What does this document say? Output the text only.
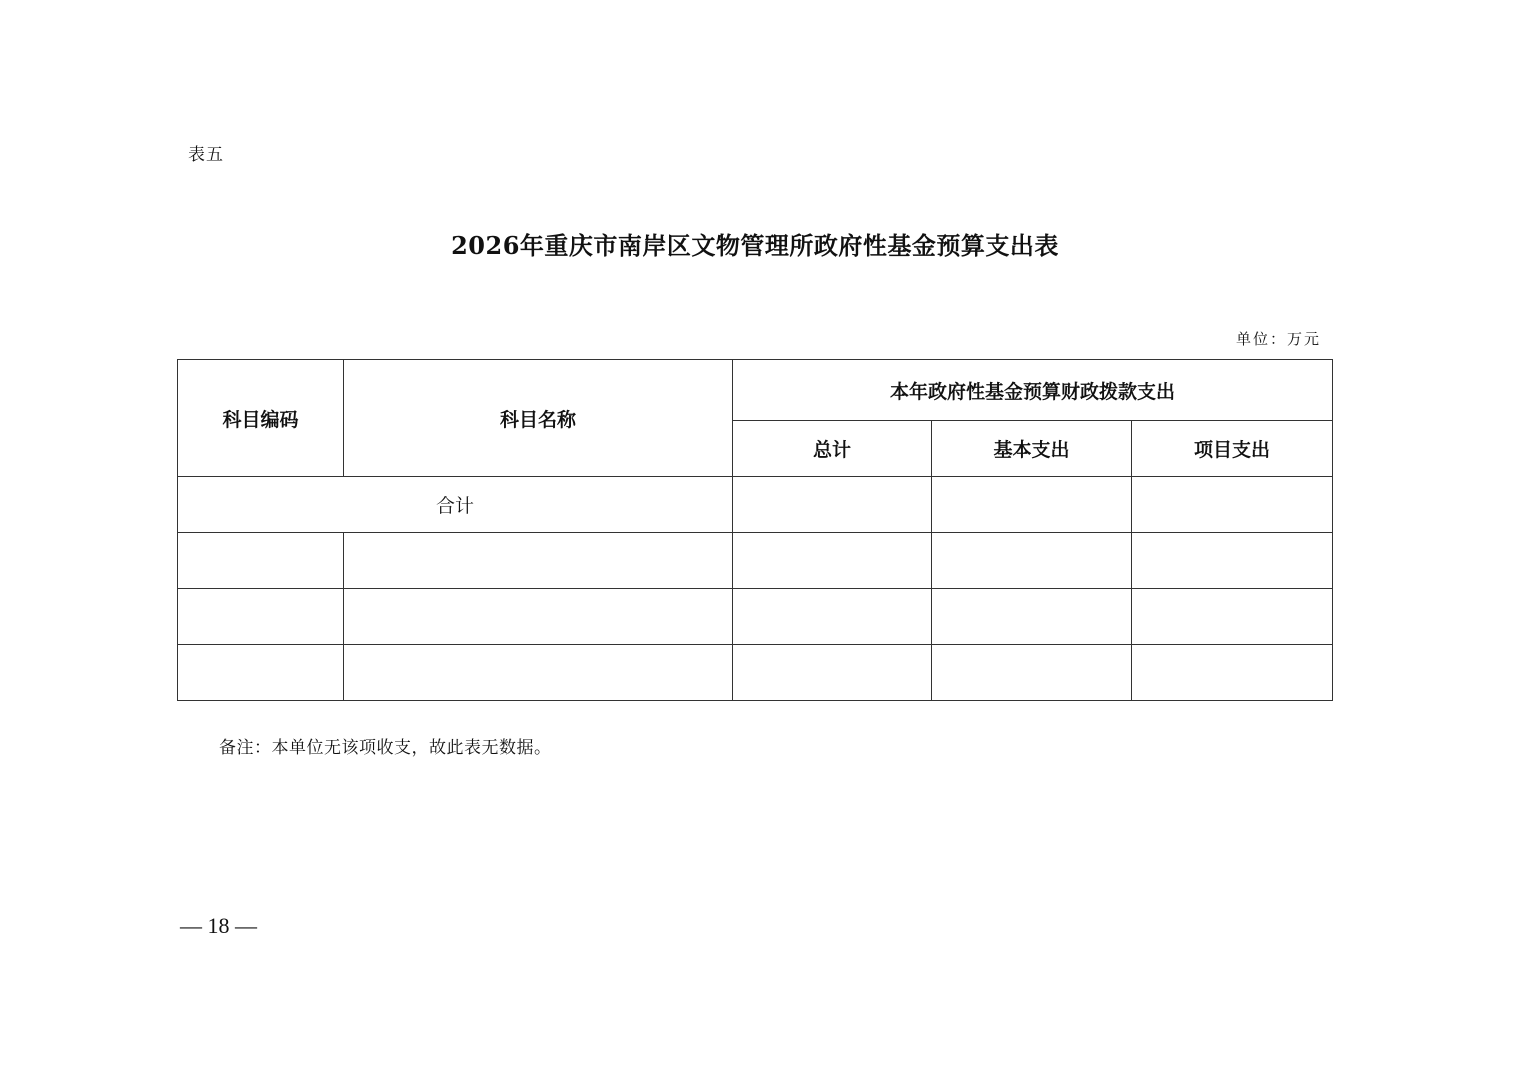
表五
2026年重庆市南岸区文物管理所政府性基金预算支出表
单位：万元
科目编码	科目名称	本年政府性基金预算财政拨款支出		
		总计	基本支出	项目支出
合计				

备注：本单位无该项收支，故此表无数据。
— 18 —
